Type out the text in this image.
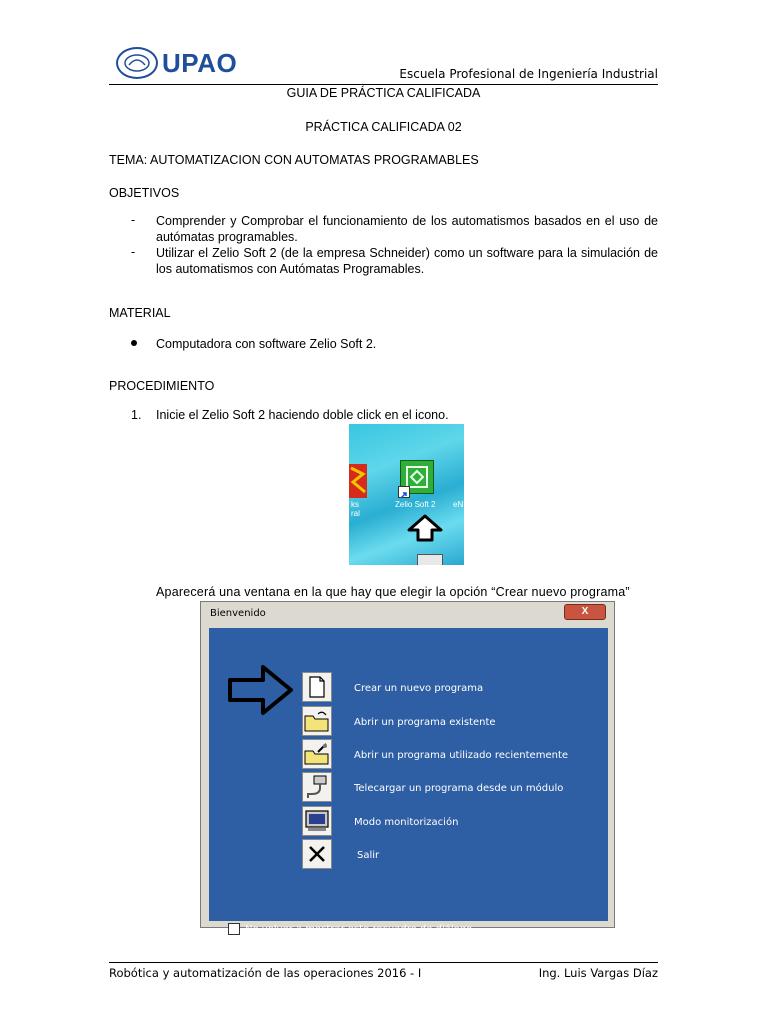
UPAO	Escuela Profesional de Ingeniería Industrial
GUIA DE PRÁCTICA CALIFICADA
PRÁCTICA CALIFICADA 02
TEMA: AUTOMATIZACION CON AUTOMATAS PROGRAMABLES
OBJETIVOS
- Comprender y Comprobar el funcionamiento de los automatismos basados en el uso de autómatas programables.
- Utilizar el Zelio Soft 2 (de la empresa Schneider) como un software para la simulación de los automatismos con Autómatas Programables.
MATERIAL
Computadora con software Zelio Soft 2.
PROCEDIMIENTO
1. Inicie el Zelio Soft 2 haciendo doble click en el icono.
ks
ral
Zelio Soft 2 eN
Aparecerá una ventana en la que hay que elegir la opción “Crear nuevo programa”
Bienvenido	X
Crear un nuevo programa
Abrir un programa existente
Abrir un programa utilizado recientemente
Telecargar un programa desde un módulo
Modo monitorización
Salir
No volver a mostrar este recuadro de diálogo
Robótica y automatización de las operaciones 2016 - I	Ing. Luis Vargas Díaz
